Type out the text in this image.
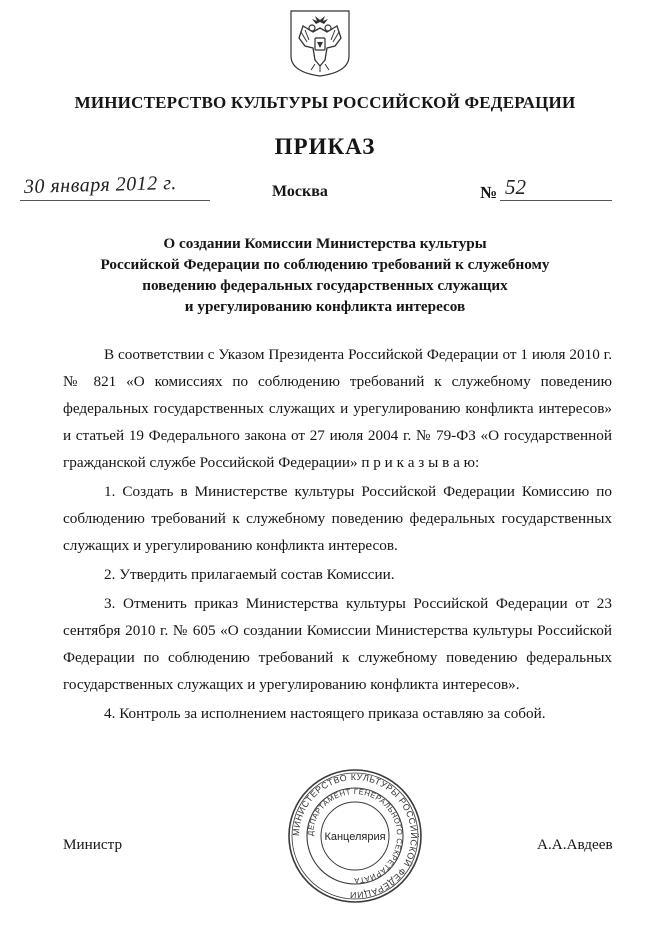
МИНИСТЕРСТВО КУЛЬТУРЫ РОССИЙСКОЙ ФЕДЕРАЦИИ
ПРИКАЗ
30 января 2012 г.	Москва	№ 52
О создании Комиссии Министерства культуры
Российской Федерации по соблюдению требований к служебному
поведению федеральных государственных служащих
и урегулированию конфликта интересов

В соответствии с Указом Президента Российской Федерации от 1 июля 2010 г. № 821 «О комиссиях по соблюдению требований к служебному поведению федеральных государственных служащих и урегулированию конфликта интересов» и статьей 19 Федерального закона от 27 июля 2004 г. № 79-ФЗ «О государственной гражданской службе Российской Федерации» п р и к а з ы в а ю:

1. Создать в Министерстве культуры Российской Федерации Комиссию по соблюдению требований к служебному поведению федеральных государственных служащих и урегулированию конфликта интересов.

2. Утвердить прилагаемый состав Комиссии.

3. Отменить приказ Министерства культуры Российской Федерации от 23 сентября 2010 г. № 605 «О создании Комиссии Министерства культуры Российской Федерации по соблюдению требований к служебному поведению федеральных государственных служащих и урегулированию конфликта интересов».

4. Контроль за исполнением настоящего приказа оставляю за собой.

Министр	А.А.Авдеев
МИНИСТЕРСТВО КУЛЬТУРЫ РОССИЙСКОЙ ФЕДЕРАЦИИ
ДЕПАРТАМЕНТ ГЕНЕРАЛЬНОГО СЕКРЕТАРИАТА
Канцелярия
